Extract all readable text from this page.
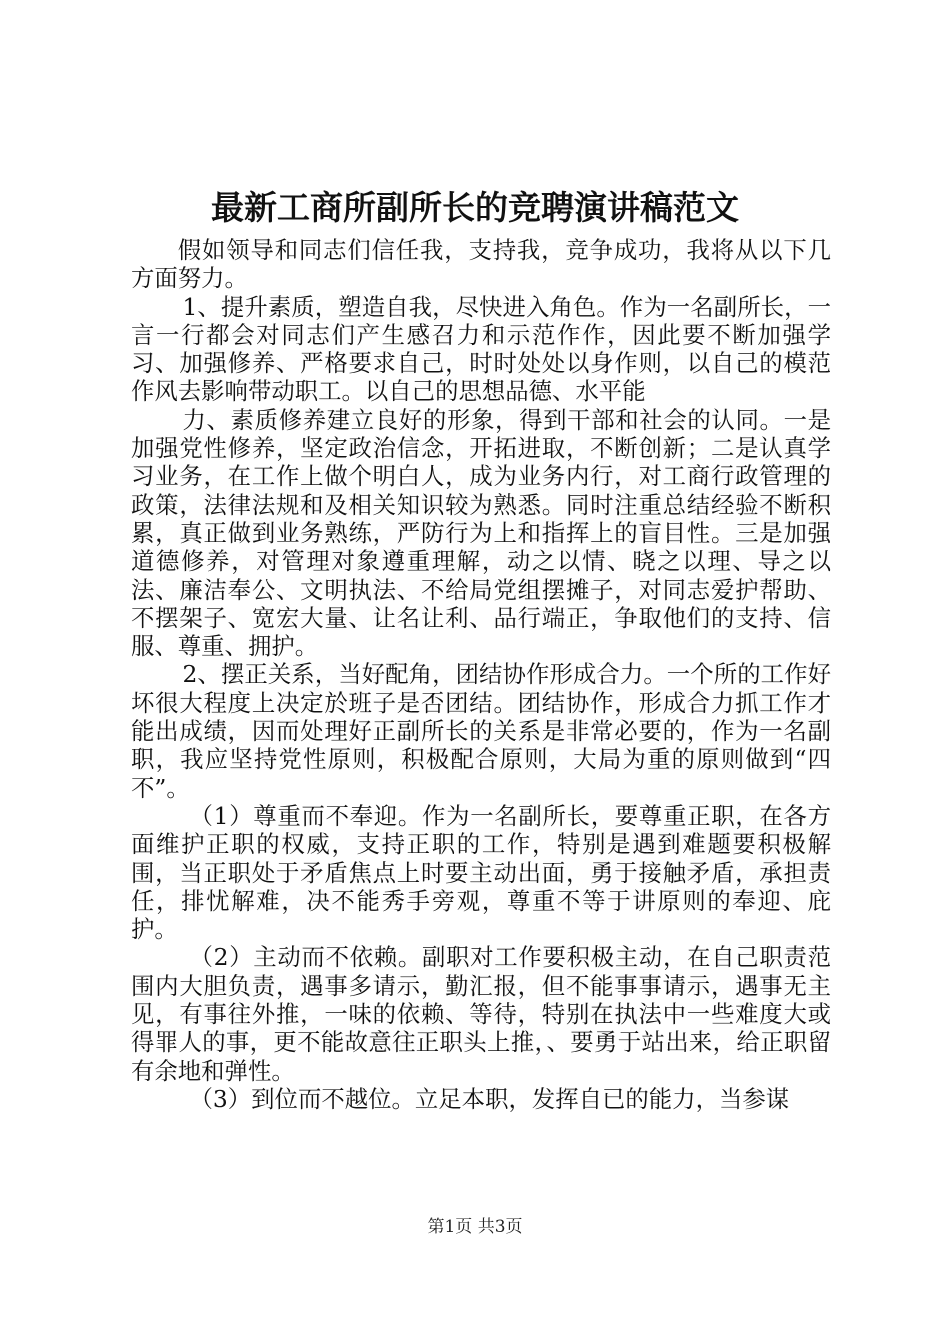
最新工商所副所长的竞聘演讲稿范文

假如领导和同志们信任我，支持我，竞争成功，我将从以下几方面努力。

1、提升素质，塑造自我，尽快进入角色。作为一名副所长，一言一行都会对同志们产生感召力和示范作作，因此要不断加强学习、加强修养、严格要求自己，时时处处以身作则，以自己的模范作风去影响带动职工。以自己的思想品德、水平能

力、素质修养建立良好的形象，得到干部和社会的认同。一是加强党性修养，坚定政治信念，开拓进取，不断创新；二是认真学习业务，在工作上做个明白人，成为业务内行，对工商行政管理的政策，法律法规和及相关知识较为熟悉。同时注重总结经验不断积累，真正做到业务熟练，严防行为上和指挥上的盲目性。三是加强道德修养，对管理对象遵重理解，动之以情、晓之以理、导之以法、廉洁奉公、文明执法、不给局党组摆摊子，对同志爱护帮助、不摆架子、宽宏大量、让名让利、品行端正，争取他们的支持、信服、尊重、拥护。

2、摆正关系，当好配角，团结协作形成合力。一个所的工作好坏很大程度上决定於班子是否团结。团结协作，形成合力抓工作才能出成绩，因而处理好正副所长的关系是非常必要的，作为一名副职，我应坚持党性原则，积极配合原则，大局为重的原则做到“四不”。

（1）尊重而不奉迎。作为一名副所长，要尊重正职，在各方面维护正职的权威，支持正职的工作，特别是遇到难题要积极解围，当正职处于矛盾焦点上时要主动出面，勇于接触矛盾，承担责任，排忧解难，决不能秀手旁观，尊重不等于讲原则的奉迎、庇护。

（2）主动而不依赖。副职对工作要积极主动，在自己职责范围内大胆负责，遇事多请示，勤汇报，但不能事事请示，遇事无主见，有事往外推，一味的依赖、等待，特别在执法中一些难度大或得罪人的事，更不能故意往正职头上推，、要勇于站出来，给正职留有余地和弹性。

（3）到位而不越位。立足本职，发挥自已的能力，当参谋

第1页 共3页
